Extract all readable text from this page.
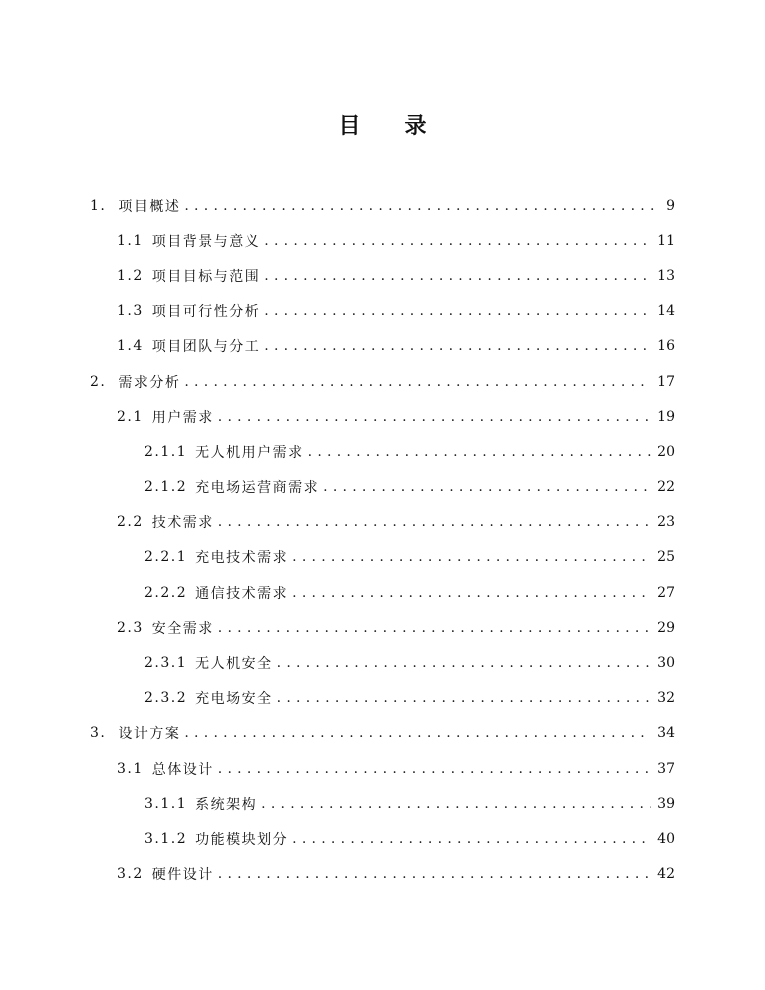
目 录
1. 项目概述 . . .	9
1.1 项目背景与意义 . . .	11
1.2 项目目标与范围 . . .	13
1.3 项目可行性分析 . . .	14
1.4 项目团队与分工 . . .	16
2. 需求分析 . . .	17
2.1 用户需求 . . .	19
2.1.1 无人机用户需求 . . .	20
2.1.2 充电场运营商需求 . . .	22
2.2 技术需求 . . .	23
2.2.1 充电技术需求 . . .	25
2.2.2 通信技术需求 . . .	27
2.3 安全需求 . . .	29
2.3.1 无人机安全 . . .	30
2.3.2 充电场安全 . . .	32
3. 设计方案 . . .	34
3.1 总体设计 . . .	37
3.1.1 系统架构 . . .	39
3.1.2 功能模块划分 . . .	40
3.2 硬件设计 . . .	42
